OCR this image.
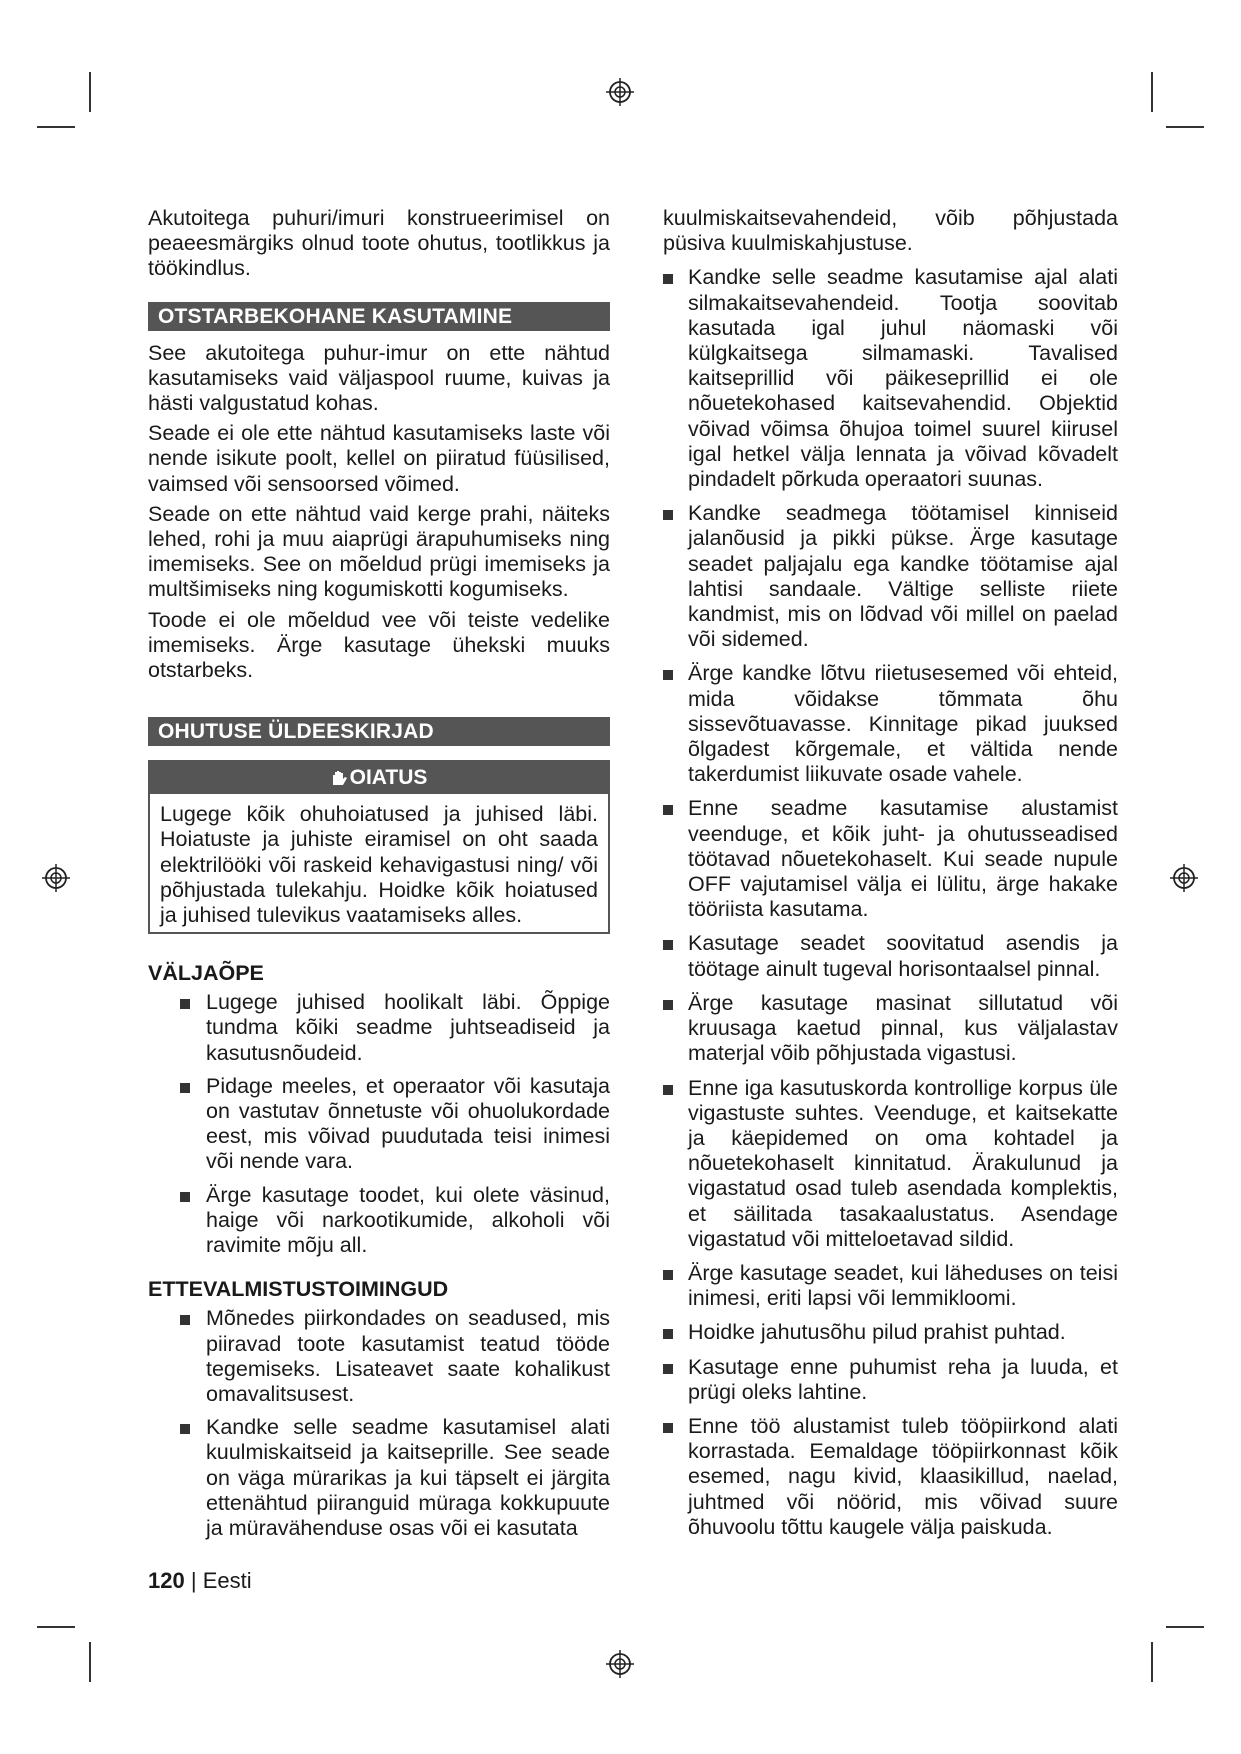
Akutoitega puhuri/imuri konstrueerimisel on peaeesmärgiks olnud toote ohutus, tootlikkus ja töökindlus.

OTSTARBEKOHANE KASUTAMINE

See akutoitega puhur-imur on ette nähtud kasutamiseks vaid väljaspool ruume, kuivas ja hästi valgustatud kohas.

Seade ei ole ette nähtud kasutamiseks laste või nende isikute poolt, kellel on piiratud füüsilised, vaimsed või sensoorsed võimed.

Seade on ette nähtud vaid kerge prahi, näiteks lehed, rohi ja muu aiaprügi ärapuhumiseks ning imemiseks. See on mõeldud prügi imemiseks ja multšimiseks ning kogumiskotti kogumiseks.

Toode ei ole mõeldud vee või teiste vedelike imemiseks. Ärge kasutage ühekski muuks otstarbeks.

OHUTUSE ÜLDEESKIRJAD
OIATUS

Lugege kõik ohuhoiatused ja juhised läbi. Hoiatuste ja juhiste eiramisel on oht saada elektrilööki või raskeid kehavigastusi ning/ või põhjustada tulekahju. Hoidke kõik hoiatused ja juhised tulevikus vaatamiseks alles.

VÄLJAÕPE

Lugege juhised hoolikalt läbi. Õppige tundma kõiki seadme juhtseadiseid ja kasutusnõudeid.

Pidage meeles, et operaator või kasutaja on vastutav õnnetuste või ohuolukordade eest, mis võivad puudutada teisi inimesi või nende vara.

Ärge kasutage toodet, kui olete väsinud, haige või narkootikumide, alkoholi või ravimite mõju all.

ETTEVALMISTUSTOIMINGUD

Mõnedes piirkondades on seadused, mis piiravad toote kasutamist teatud tööde tegemiseks. Lisateavet saate kohalikust omavalitsusest.

Kandke selle seadme kasutamisel alati kuulmiskaitseid ja kaitseprille. See seade on väga mürarikas ja kui täpselt ei järgita ettenähtud piiranguid müraga kokkupuute ja müravähenduse osas või ei kasutata

kuulmiskaitsevahendeid, võib põhjustada püsiva kuulmiskahjustuse.

Kandke selle seadme kasutamise ajal alati silmakaitsevahendeid. Tootja soovitab kasutada igal juhul näomaski või külgkaitsega silmamaski. Tavalised kaitseprillid või päikeseprillid ei ole nõuetekohased kaitsevahendid. Objektid võivad võimsa õhujoa toimel suurel kiirusel igal hetkel välja lennata ja võivad kõvadelt pindadelt põrkuda operaatori suunas.

Kandke seadmega töötamisel kinniseid jalanõusid ja pikki pükse. Ärge kasutage seadet paljajalu ega kandke töötamise ajal lahtisi sandaale. Vältige selliste riiete kandmist, mis on lõdvad või millel on paelad või sidemed.

Ärge kandke lõtvu riietusesemed või ehteid, mida võidakse tõmmata õhu sissevõtuavasse. Kinnitage pikad juuksed õlgadest kõrgemale, et vältida nende takerdumist liikuvate osade vahele.

Enne seadme kasutamise alustamist veenduge, et kõik juht- ja ohutusseadised töötavad nõuetekohaselt. Kui seade nupule OFF vajutamisel välja ei lülitu, ärge hakake tööriista kasutama.

Kasutage seadet soovitatud asendis ja töötage ainult tugeval horisontaalsel pinnal.

Ärge kasutage masinat sillutatud või kruusaga kaetud pinnal, kus väljalastav materjal võib põhjustada vigastusi.

Enne iga kasutuskorda kontrollige korpus üle vigastuste suhtes. Veenduge, et kaitsekatte ja käepidemed on oma kohtadel ja nõuetekohaselt kinnitatud. Ärakulunud ja vigastatud osad tuleb asendada komplektis, et säilitada tasakaalustatus. Asendage vigastatud või mitteloetavad sildid.

Ärge kasutage seadet, kui läheduses on teisi inimesi, eriti lapsi või lemmikloomi.

Hoidke jahutusõhu pilud prahist puhtad.

Kasutage enne puhumist reha ja luuda, et prügi oleks lahtine.

Enne töö alustamist tuleb tööpiirkond alati korrastada. Eemaldage tööpiirkonnast kõik esemed, nagu kivid, klaasikillud, naelad, juhtmed või nöörid, mis võivad suure õhuvoolu tõttu kaugele välja paiskuda.

120 | Eesti
